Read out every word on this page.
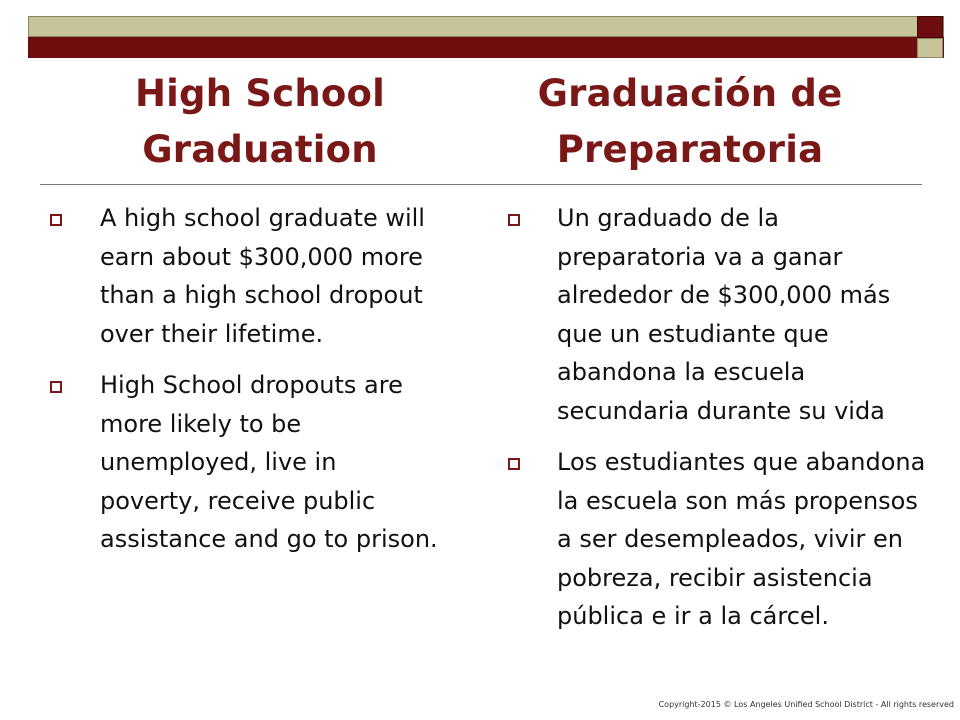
High School Graduation
Graduación de Preparatoria
A high school graduate will earn about $300,000 more than a high school dropout over their lifetime.
High School dropouts are more likely to be unemployed, live in poverty, receive public assistance and go to prison.
Un graduado de la preparatoria va a ganar alrededor de $300,000 más que un estudiante que abandona la escuela secundaria durante su vida
Los estudiantes que abandona la escuela son más propensos a ser desempleados, vivir en pobreza, recibir asistencia pública e ir a la cárcel.
Copyright-2015 © Los Angeles Unified School District - All rights reserved
